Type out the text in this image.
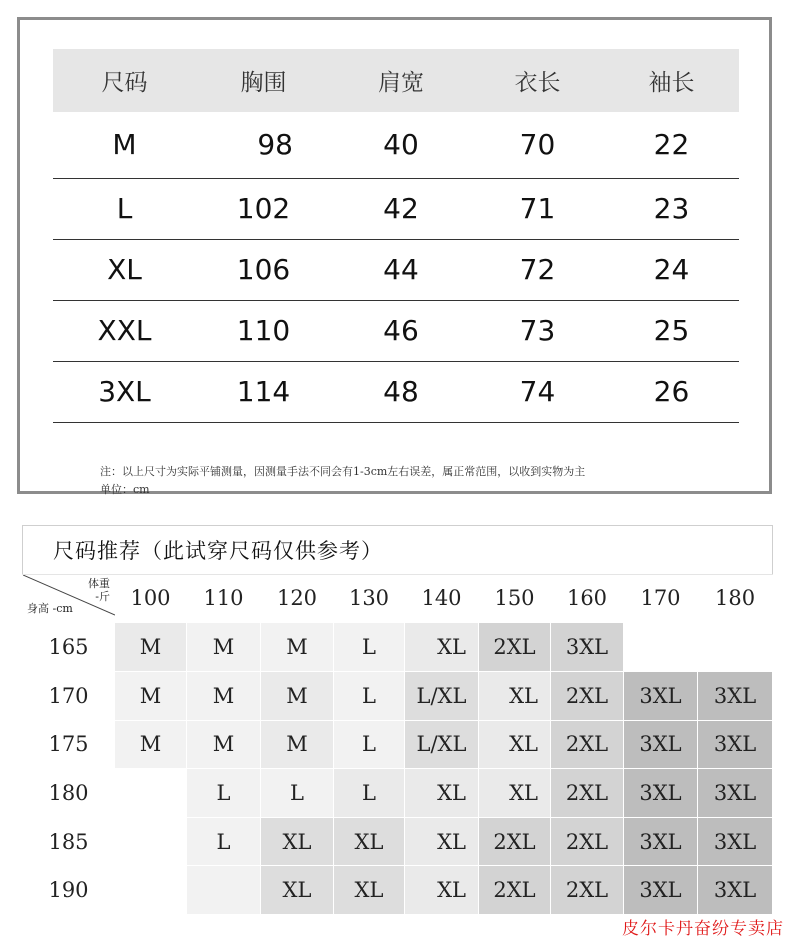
尺码	胸围	肩宽	衣长	袖长
M	98	40	70	22
L	102	42	71	23
XL	106	44	72	24
XXL	110	46	73	25
3XL	114	48	74	26
注：以上尺寸为实际平铺测量，因测量手法不同会有1-3cm左右误差，属正常范围，以收到实物为主
单位：cm
尺码推荐（此试穿尺码仅供参考）									

体重
-斤
身高 -cm	100	110	120	130	140	150	160	170	180
165	M	M	M	L	XL	2XL	3XL		
170	M	M	M	L	L/XL	XL	2XL	3XL	3XL
175	M	M	M	L	L/XL	XL	2XL	3XL	3XL
180		L	L	L	XL	XL	2XL	3XL	3XL
185		L	XL	XL	XL	2XL	2XL	3XL	3XL
190			XL	XL	XL	2XL	2XL	3XL	3XL
皮尔卡丹奋纷专卖店
